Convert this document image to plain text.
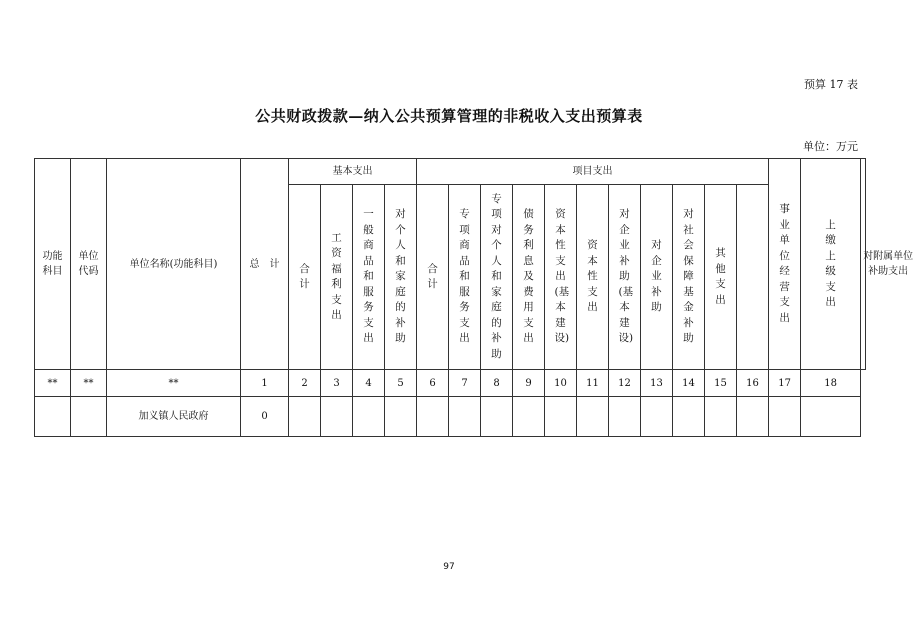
预算 17 表
公共财政拨款—纳入公共预算管理的非税收入支出预算表
单位：万元
功能科目	单位代码	单位名称(功能科目)	总　计	基本支出				项目支出											事业单位经营支出	上缴上级支出	对附属单位补助支出
				合计	工资福利支出	一般商品和服务支出	对个人和家庭的补助	合计	专项商品和服务支出	专项对个人和家庭的补助	债务利息及费用支出	资本性支出(基本建设)	资本性支出	对企业补助(基本建设)	对企业补助	对社会保障基金补助	其他支出				
**	**	**	1	2	3	4	5	6	7	8	9	10	11	12	13	14	15	16	17	18	
		加义镇人民政府	0																		
97
